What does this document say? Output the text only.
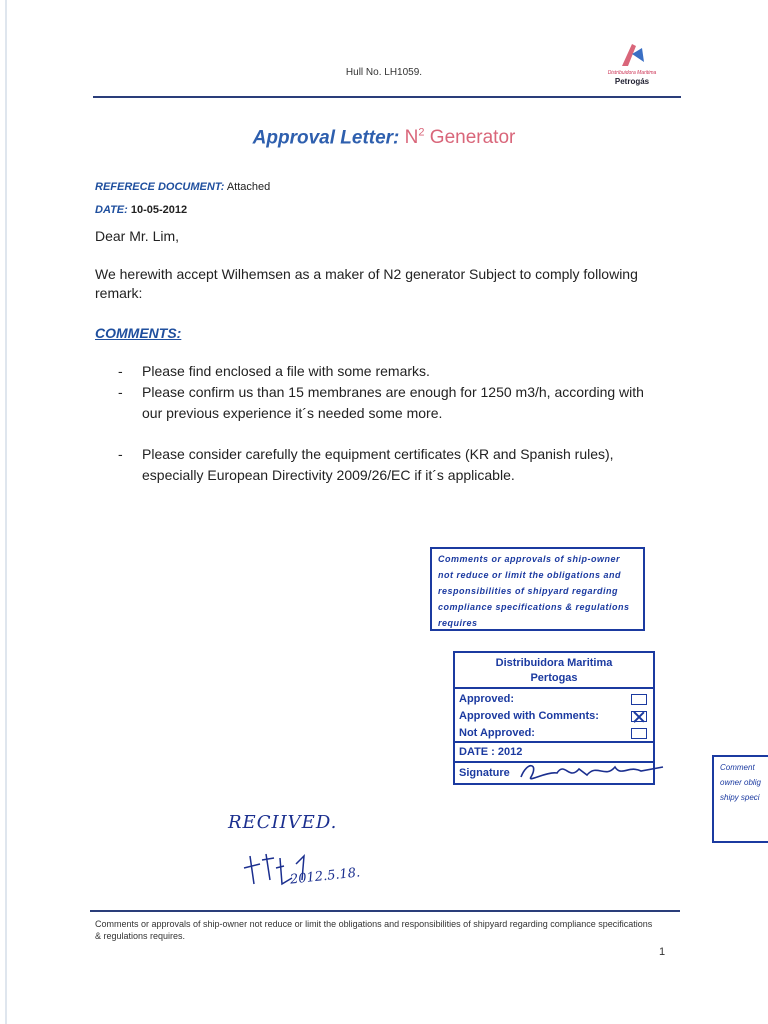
Hull No. LH1059.	Distribuidora Maritima
Petrogás
Approval Letter: $N^2$ Generator
REFERECE DOCUMENT: Attached
DATE: 10-05-2012
Dear Mr. Lim,
We herewith accept Wilhemsen as a maker of N2 generator Subject to comply following remark:
COMMENTS:
- Please find enclosed a file with some remarks.
- Please confirm us than 15 membranes are enough for 1250 m3/h, according with our previous experience it´s needed some more.
- Please consider carefully the equipment certificates (KR and Spanish rules), especially European Directivity 2009/26/EC if it´s applicable.
Comments or approvals of ship-owner not reduce or limit the obligations and responsibilities of shipyard regarding compliance specifications & regulations requires
Distribuidora Maritima
Pertogas
Approved:
Approved with Comments:
Not Approved:
DATE : 2012
Signature	Comment owner oblig shipy speci
RECIIVED.
2012.5.18.
Comments or approvals of ship-owner not reduce or limit the obligations and responsibilities of shipyard regarding compliance specifications & regulations requires.
1
